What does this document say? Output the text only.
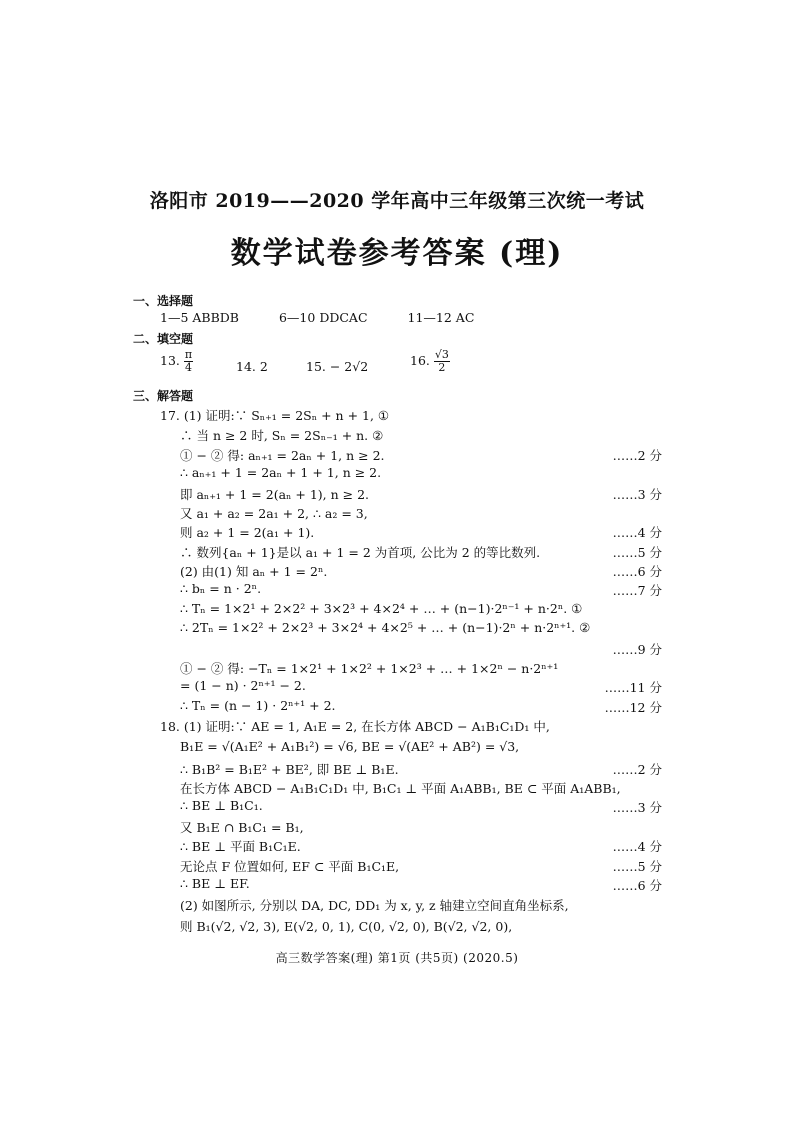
洛阳市 2019——2020 学年高中三年级第三次统一考试
数学试卷参考答案 (理)
一、选择题
1—5 ABBDB	6—10 DDCAC	11—12 AC
二、填空题
13. $\frac{\pi}{4}$	14. 2	15. − 2√2	16. $\frac{√3}{2}$
三、解答题
17. (1) 证明:∵ Sₙ₊₁ = 2Sₙ + n + 1, ①
∴ 当 n ≥ 2 时, Sₙ = 2Sₙ₋₁ + n. ②
① − ② 得: aₙ₊₁ = 2aₙ + 1, n ≥ 2.	……2 分
∴ aₙ₊₁ + 1 = 2aₙ + 1 + 1, n ≥ 2.
即 aₙ₊₁ + 1 = 2(aₙ + 1), n ≥ 2.	……3 分
又 a₁ + a₂ = 2a₁ + 2, ∴ a₂ = 3,
则 a₂ + 1 = 2(a₁ + 1).	……4 分
∴ 数列{aₙ + 1}是以 a₁ + 1 = 2 为首项, 公比为 2 的等比数列.	……5 分
(2) 由(1) 知 aₙ + 1 = 2ⁿ.	……6 分
∴ bₙ = n · 2ⁿ.	……7 分
∴ Tₙ = 1×2¹ + 2×2² + 3×2³ + 4×2⁴ + … + (n−1)·2ⁿ⁻¹ + n·2ⁿ. ①
∴ 2Tₙ = 1×2² + 2×2³ + 3×2⁴ + 4×2⁵ + … + (n−1)·2ⁿ + n·2ⁿ⁺¹. ②
……9 分
① − ② 得: −Tₙ = 1×2¹ + 1×2² + 1×2³ + … + 1×2ⁿ − n·2ⁿ⁺¹
= (1 − n) · 2ⁿ⁺¹ − 2.	……11 分
∴ Tₙ = (n − 1) · 2ⁿ⁺¹ + 2.	……12 分
18. (1) 证明:∵ AE = 1, A₁E = 2, 在长方体 ABCD − A₁B₁C₁D₁ 中,
B₁E = √(A₁E² + A₁B₁²) = √6, BE = √(AE² + AB²) = √3,
∴ B₁B² = B₁E² + BE², 即 BE ⊥ B₁E.	……2 分
在长方体 ABCD − A₁B₁C₁D₁ 中, B₁C₁ ⊥ 平面 A₁ABB₁, BE ⊂ 平面 A₁ABB₁,
∴ BE ⊥ B₁C₁.	……3 分
又 B₁E ∩ B₁C₁ = B₁,
∴ BE ⊥ 平面 B₁C₁E.	……4 分
无论点 F 位置如何, EF ⊂ 平面 B₁C₁E,	……5 分
∴ BE ⊥ EF.	……6 分
(2) 如图所示, 分别以 DA, DC, DD₁ 为 x, y, z 轴建立空间直角坐标系,
则 B₁(√2, √2, 3), E(√2, 0, 1), C(0, √2, 0), B(√2, √2, 0),
高三数学答案(理) 第1页 (共5页) (2020.5)
